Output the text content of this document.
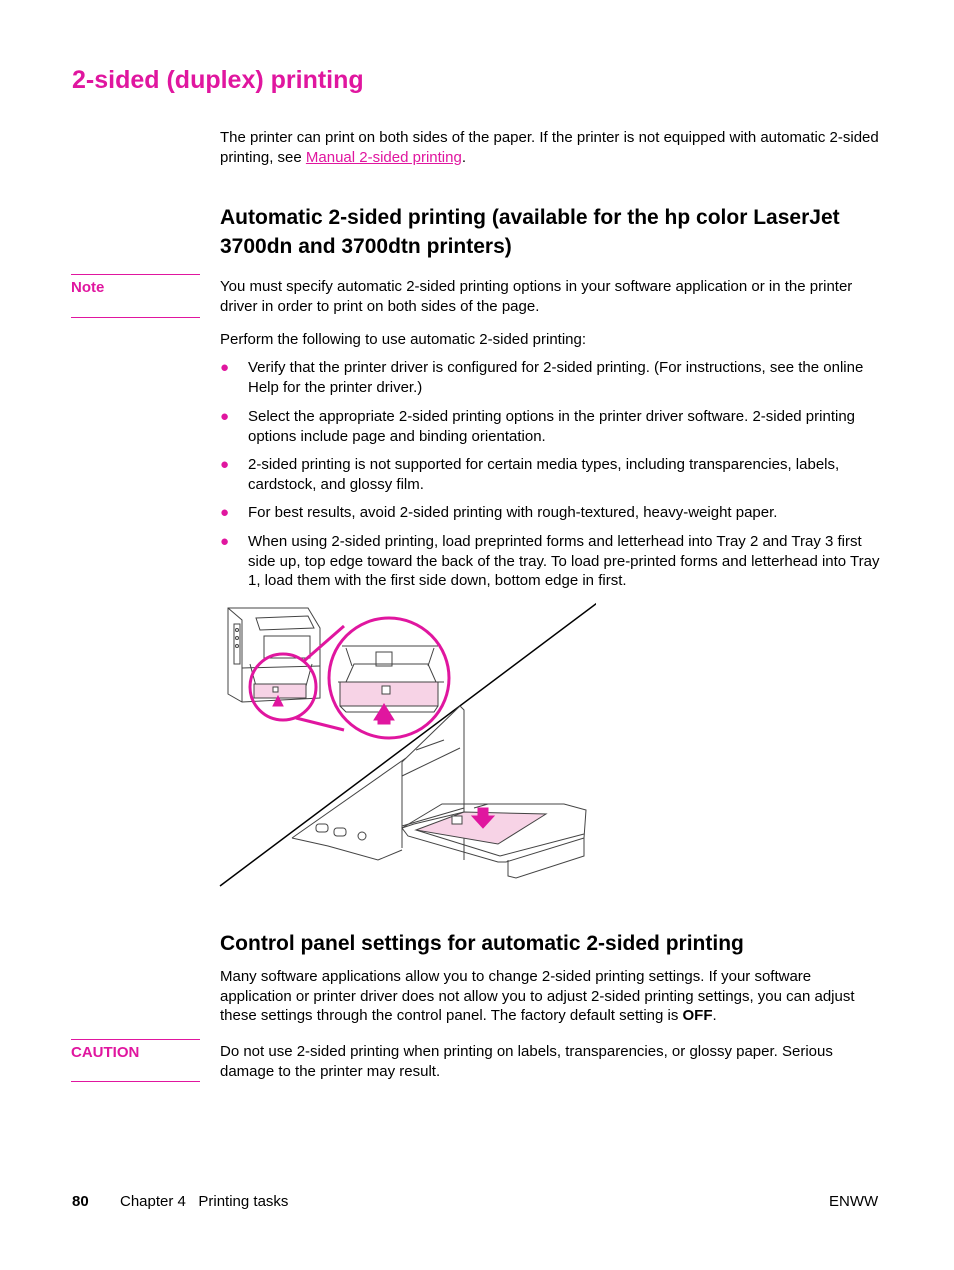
2-sided (duplex) printing
The printer can print on both sides of the paper. If the printer is not equipped with automatic 2-sided printing, see Manual 2-sided printing.
Automatic 2-sided printing (available for the hp color LaserJet 3700dn and 3700dtn printers)
Note	You must specify automatic 2-sided printing options in your software application or in the printer driver in order to print on both sides of the page.
Perform the following to use automatic 2-sided printing:
● Verify that the printer driver is configured for 2-sided printing. (For instructions, see the online Help for the printer driver.)
● Select the appropriate 2-sided printing options in the printer driver software. 2-sided printing options include page and binding orientation.
● 2-sided printing is not supported for certain media types, including transparencies, labels, cardstock, and glossy film.
● For best results, avoid 2-sided printing with rough-textured, heavy-weight paper.
● When using 2-sided printing, load preprinted forms and letterhead into Tray 2 and Tray 3 first side up, top edge toward the back of the tray. To load pre-printed forms and letterhead into Tray 1, load them with the first side down, bottom edge in first.
Control panel settings for automatic 2-sided printing
Many software applications allow you to change 2-sided printing settings. If your software application or printer driver does not allow you to adjust 2-sided printing settings, you can adjust these settings through the control panel. The factory default setting is OFF.
CAUTION	Do not use 2-sided printing when printing on labels, transparencies, or glossy paper. Serious damage to the printer may result.
80 Chapter 4   Printing tasks	ENWW
